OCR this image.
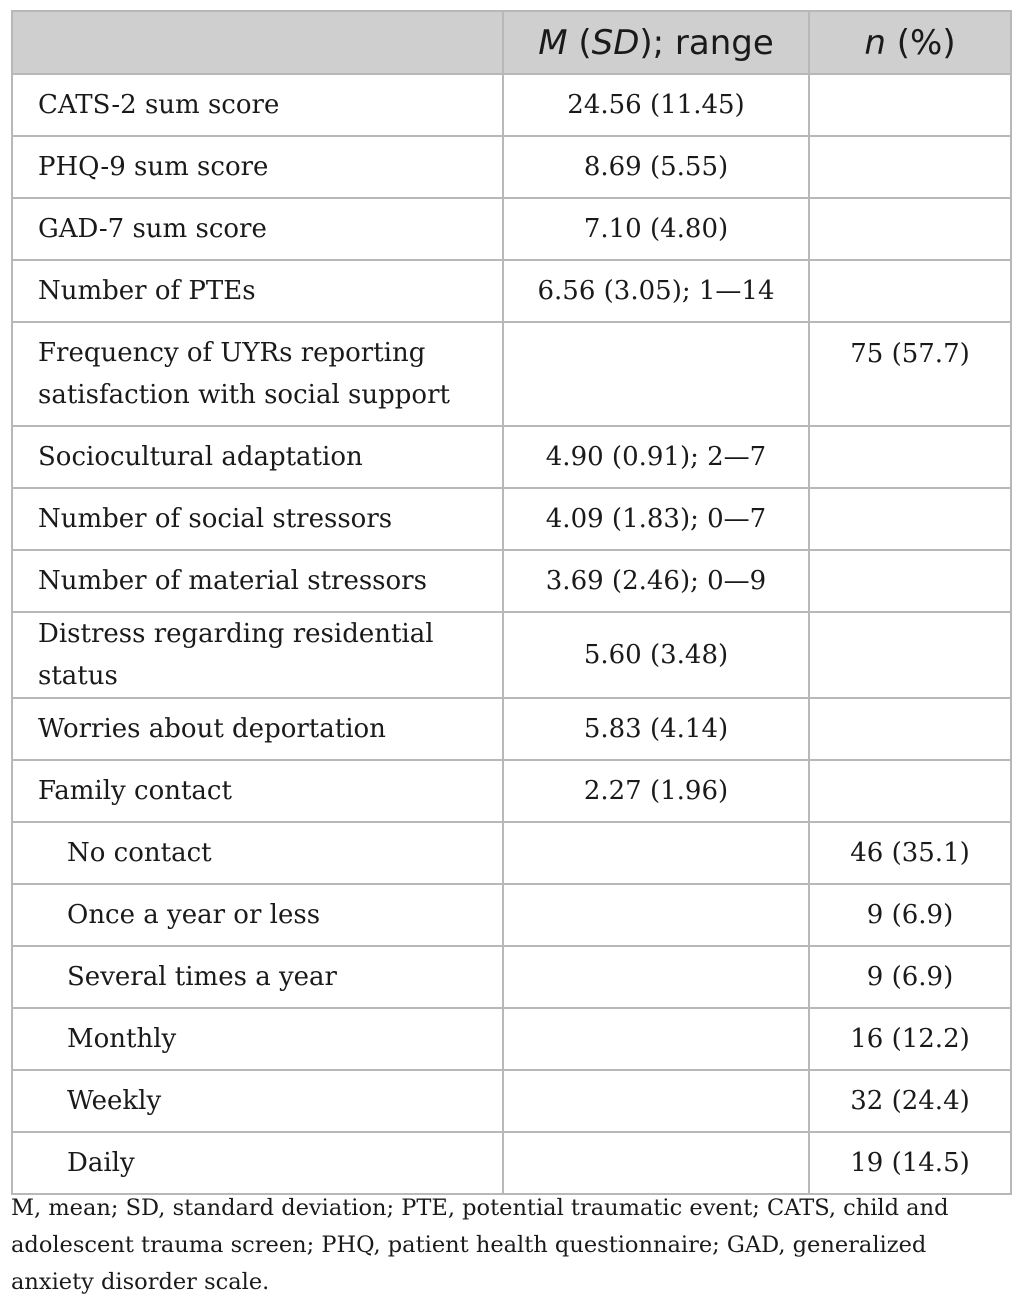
	M (SD); range	n (%)
CATS-2 sum score	24.56 (11.45)	
PHQ-9 sum score	8.69 (5.55)	
GAD-7 sum score	7.10 (4.80)	
Number of PTEs	6.56 (3.05); 1—14	
Frequency of UYRs reporting satisfaction with social support		75 (57.7)
Sociocultural adaptation	4.90 (0.91); 2—7	
Number of social stressors	4.09 (1.83); 0—7	
Number of material stressors	3.69 (2.46); 0—9	
Distress regarding residential status	5.60 (3.48)	
Worries about deportation	5.83 (4.14)	
Family contact	2.27 (1.96)	
No contact		46 (35.1)
Once a year or less		9 (6.9)
Several times a year		9 (6.9)
Monthly		16 (12.2)
Weekly		32 (24.4)
Daily		19 (14.5)
M, mean; SD, standard deviation; PTE, potential traumatic event; CATS, child and adolescent trauma screen; PHQ, patient health questionnaire; GAD, generalized anxiety disorder scale.
